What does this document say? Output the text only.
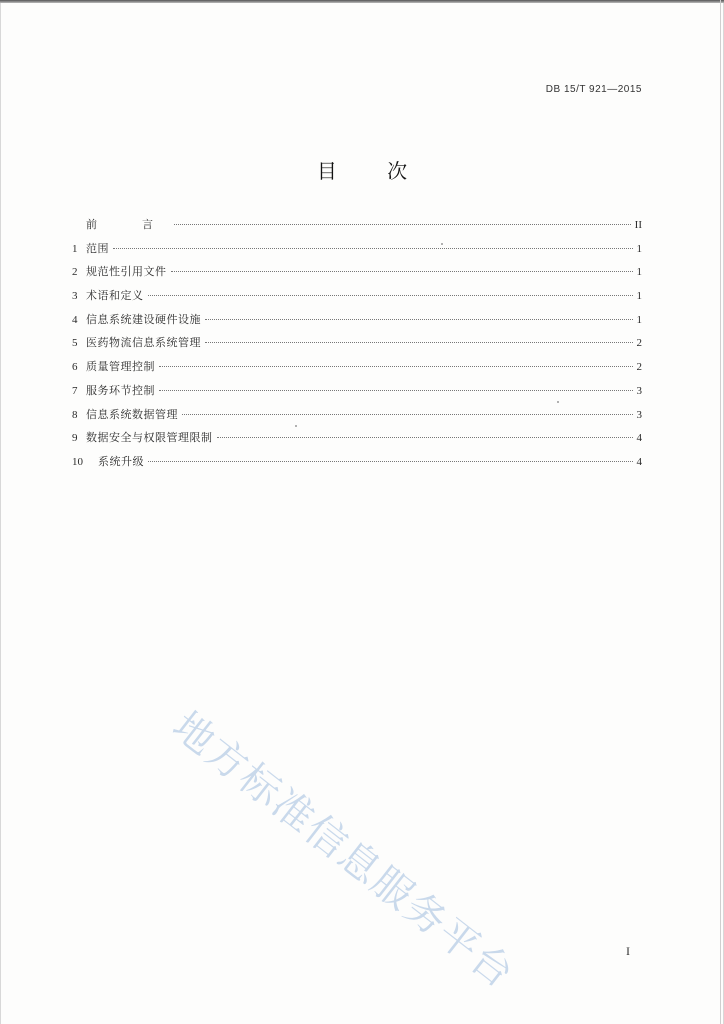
DB 15/T 921—2015
目	次
前　言	II
1 范围	1
2 规范性引用文件	1
3 术语和定义	1
4 信息系统建设硬件设施	1
5 医药物流信息系统管理	2
6 质量管理控制	2
7 服务环节控制	3
8 信息系统数据管理	3
9 数据安全与权限管理限制	4
10	系统升级	4
地方标准信息服务平台	I
